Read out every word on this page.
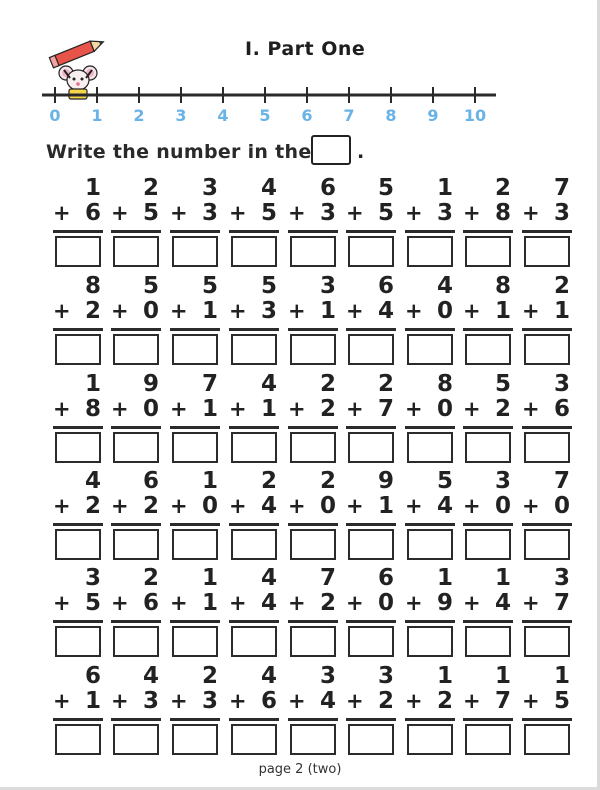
I. Part One
0	1	2	3	4	5	6	7	8	9	10
Write the number in the .
1
+ 6
2
+ 5
3
+ 3
4
+ 5
6
+ 3
5
+ 5
1
+ 3
2
+ 8
7
+ 3
8
+ 2
5
+ 0
5
+ 1
5
+ 3
3
+ 1
6
+ 4
4
+ 0
8
+ 1
2
+ 1
1
+ 8
9
+ 0
7
+ 1
4
+ 1
2
+ 2
2
+ 7
8
+ 0
5
+ 2
3
+ 6
4
+ 2
6
+ 2
1
+ 0
2
+ 4
2
+ 0
9
+ 1
5
+ 4
3
+ 0
7
+ 0
3
+ 5
2
+ 6
1
+ 1
4
+ 4
7
+ 2
6
+ 0
1
+ 9
1
+ 4
3
+ 7
6
+ 1
4
+ 3
2
+ 3
4
+ 6
3
+ 4
3
+ 2
1
+ 2
1
+ 7
1
+ 5
page 2 (two)
